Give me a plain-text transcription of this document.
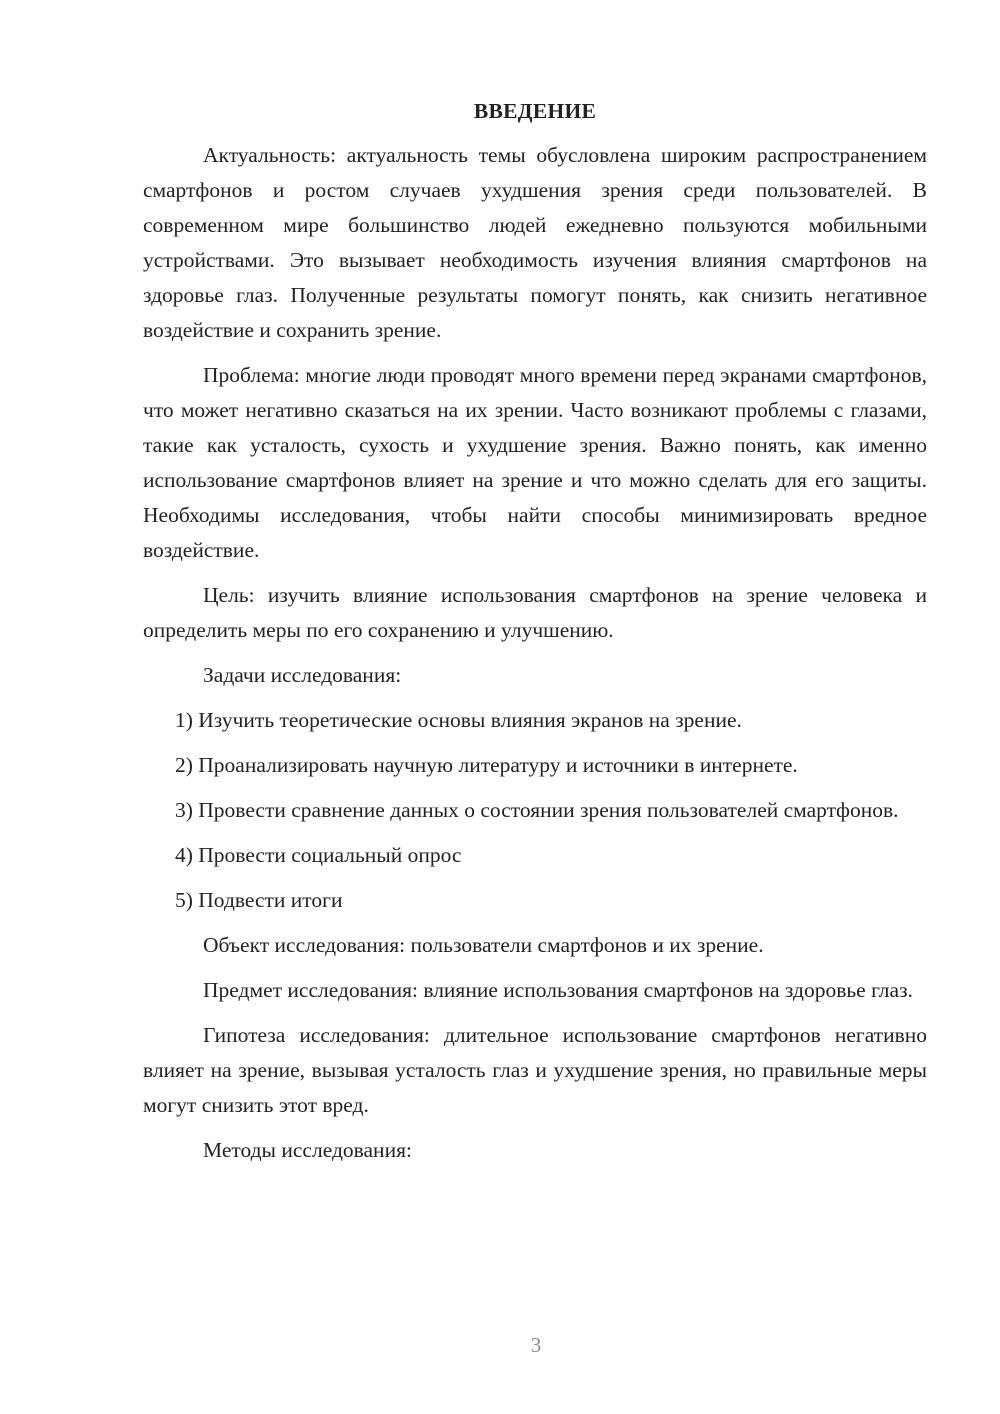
ВВЕДЕНИЕ

Актуальность: актуальность темы обусловлена широким распространением смартфонов и ростом случаев ухудшения зрения среди пользователей. В современном мире большинство людей ежедневно пользуются мобильными устройствами. Это вызывает необходимость изучения влияния смартфонов на здоровье глаз. Полученные результаты помогут понять, как снизить негативное воздействие и сохранить зрение.

Проблема: многие люди проводят много времени перед экранами смартфонов, что может негативно сказаться на их зрении. Часто возникают проблемы с глазами, такие как усталость, сухость и ухудшение зрения. Важно понять, как именно использование смартфонов влияет на зрение и что можно сделать для его защиты. Необходимы исследования, чтобы найти способы минимизировать вредное воздействие.

Цель: изучить влияние использования смартфонов на зрение человека и определить меры по его сохранению и улучшению.

Задачи исследования:

1) Изучить теоретические основы влияния экранов на зрение.

2) Проанализировать научную литературу и источники в интернете.

3) Провести сравнение данных о состоянии зрения пользователей смартфонов.

4) Провести социальный опрос

5) Подвести итоги

Объект исследования: пользователи смартфонов и их зрение.

Предмет исследования: влияние использования смартфонов на здоровье глаз.

Гипотеза исследования: длительное использование смартфонов негативно влияет на зрение, вызывая усталость глаз и ухудшение зрения, но правильные меры могут снизить этот вред.

Методы исследования:

3
